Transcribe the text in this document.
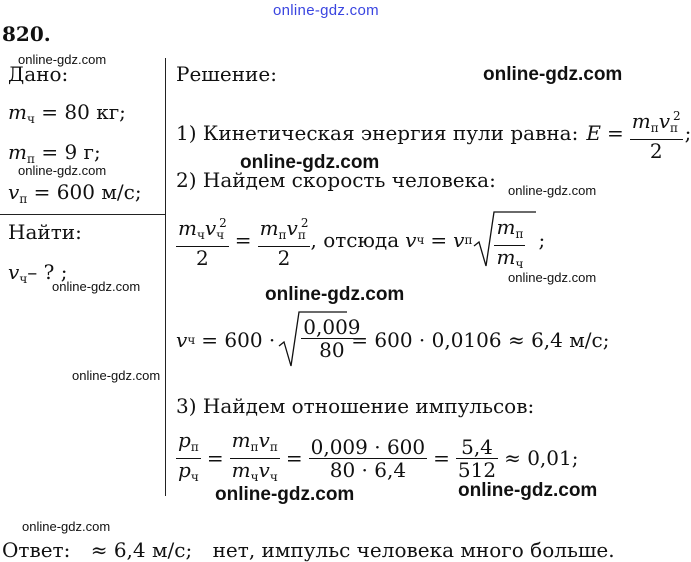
online-gdz.com
820.
Дано:
$m_ч = 80$ кг;
$m_п = 9$ г;
$v_п = 600$ м/с;
Найти:
$v_ч-$ ? ;
Решение:
1) Кинетическая энергия пули равна: $E = \frac{m_пv_п^2}{2}$ ;
2) Найдем скорость человека:
$\frac{m_чv_ч^2}{2} = \frac{m_пv_п^2}{2}$ , отсюда v ч = v п
$m_п$
$m_ч$
;
v $ч = 600 \cdot \frac{0,009}{80}$
= 600 · 0,0106 ≈ 6,4 м/с;
3) Найдем отношение импульсов:
$\frac{p_п}{p_ч} = \frac{m_пv_п}{m_чv_ч} = \frac{0,009 \cdot 600}{80 \cdot 6,4} = \frac{5,4}{512} \approx 0,01$;
Ответ: ≈ 6,4 м/с; нет, импульс человека много больше.
online-gdz.com
online-gdz.com
online-gdz.com	online-gdz.com
online-gdz.com
online-gdz.com
online-gdz.com	online-gdz.com
online-gdz.com
online-gdz.com	online-gdz.com
online-gdz.com
